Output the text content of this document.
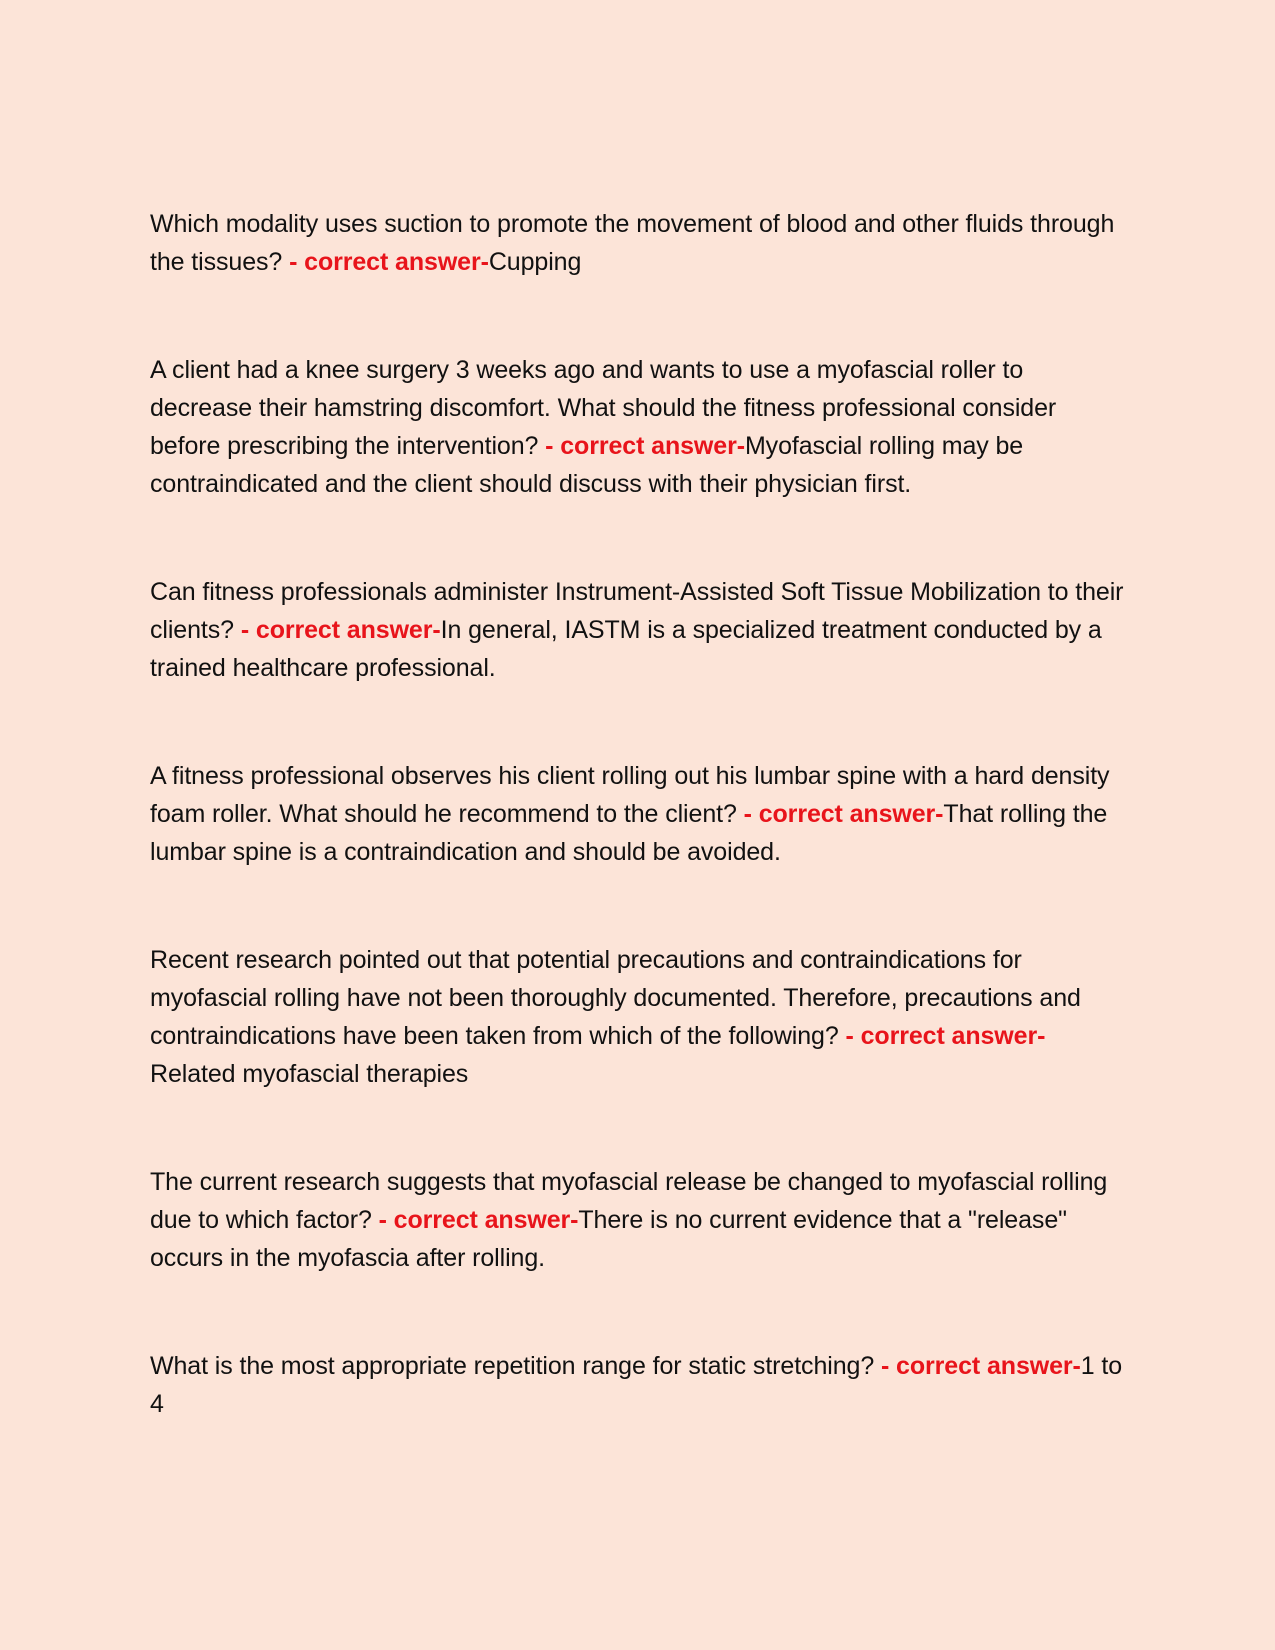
Which modality uses suction to promote the movement of blood and other fluids through the tissues? - correct answer-Cupping

A client had a knee surgery 3 weeks ago and wants to use a myofascial roller to decrease their hamstring discomfort. What should the fitness professional consider before prescribing the intervention? - correct answer-Myofascial rolling may be contraindicated and the client should discuss with their physician first.

Can fitness professionals administer Instrument-Assisted Soft Tissue Mobilization to their clients? - correct answer-In general, IASTM is a specialized treatment conducted by a trained healthcare professional.

A fitness professional observes his client rolling out his lumbar spine with a hard density foam roller. What should he recommend to the client? - correct answer-That rolling the lumbar spine is a contraindication and should be avoided.

Recent research pointed out that potential precautions and contraindications for myofascial rolling have not been thoroughly documented. Therefore, precautions and contraindications have been taken from which of the following? - correct answer-Related myofascial therapies

The current research suggests that myofascial release be changed to myofascial rolling due to which factor? - correct answer-There is no current evidence that a "release" occurs in the myofascia after rolling.

What is the most appropriate repetition range for static stretching? - correct answer-1 to 4
